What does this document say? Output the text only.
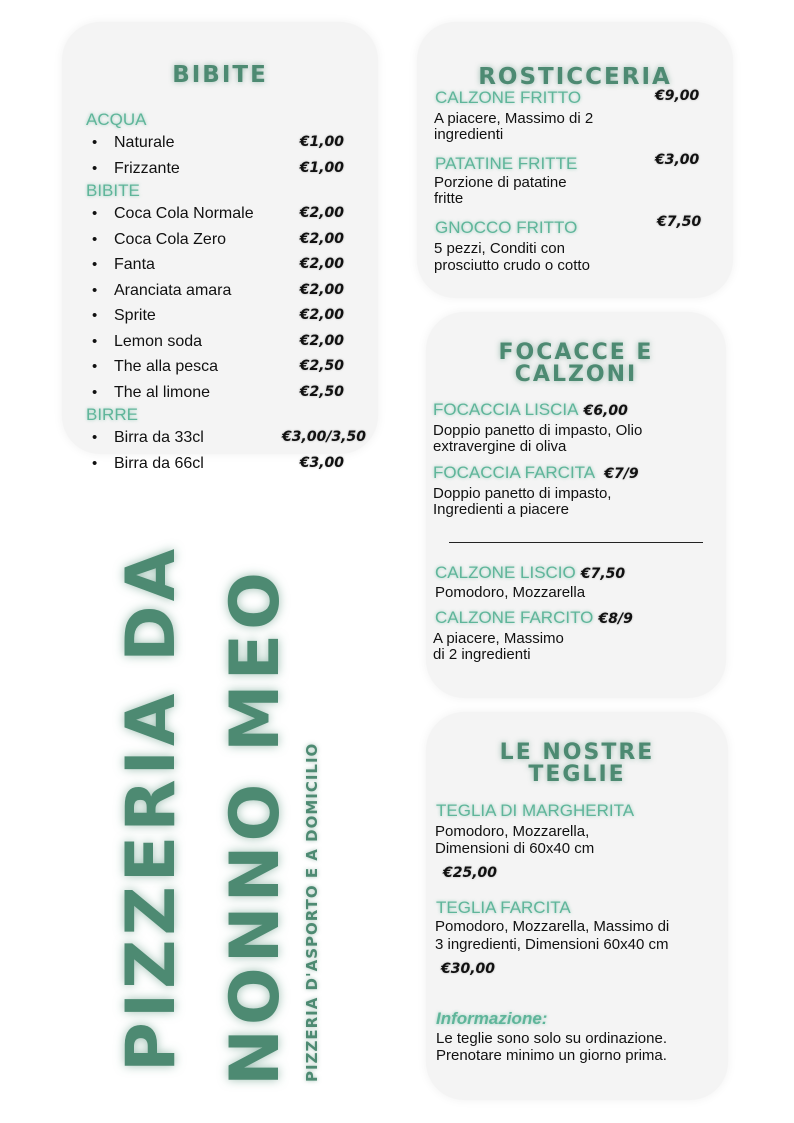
BIBITE
ACQUA
• Naturale	€1,00
• Frizzante	€1,00
BIBITE
• Coca Cola Normale	€2,00
• Coca Cola Zero	€2,00
• Fanta	€2,00
• Aranciata amara	€2,00
• Sprite	€2,00
• Lemon soda	€2,00
• The alla pesca	€2,50
• The al limone	€2,50
BIRRE
• Birra da 33cl	€3,00/3,50
• Birra da 66cl	€3,00
ROSTICCERIA
CALZONE FRITTO	€9,00
A piacere, Massimo di 2
ingredienti
PATATINE FRITTE	€3,00
Porzione di patatine
fritte
GNOCCO FRITTO	€7,50
5 pezzi, Conditi con
prosciutto crudo o cotto
FOCACCE E
CALZONI
FOCACCIA LISCIA €6,00
Doppio panetto di impasto, Olio
extravergine di oliva
FOCACCIA FARCITA €7/9
Doppio panetto di impasto,
Ingredienti a piacere
CALZONE LISCIO €7,50
Pomodoro, Mozzarella
CALZONE FARCITO €8/9
A piacere, Massimo
di 2 ingredienti
LE NOSTRE
TEGLIE
TEGLIA DI MARGHERITA
Pomodoro, Mozzarella,
Dimensioni di 60x40 cm
€25,00
TEGLIA FARCITA
Pomodoro, Mozzarella, Massimo di
3 ingredienti, Dimensioni 60x40 cm
€30,00
Informazione:
Le teglie sono solo su ordinazione.
Prenotare minimo un giorno prima.
PIZZERIA DA NONNO MEO PIZZERIA D'ASPORTO E A DOMICILIO
